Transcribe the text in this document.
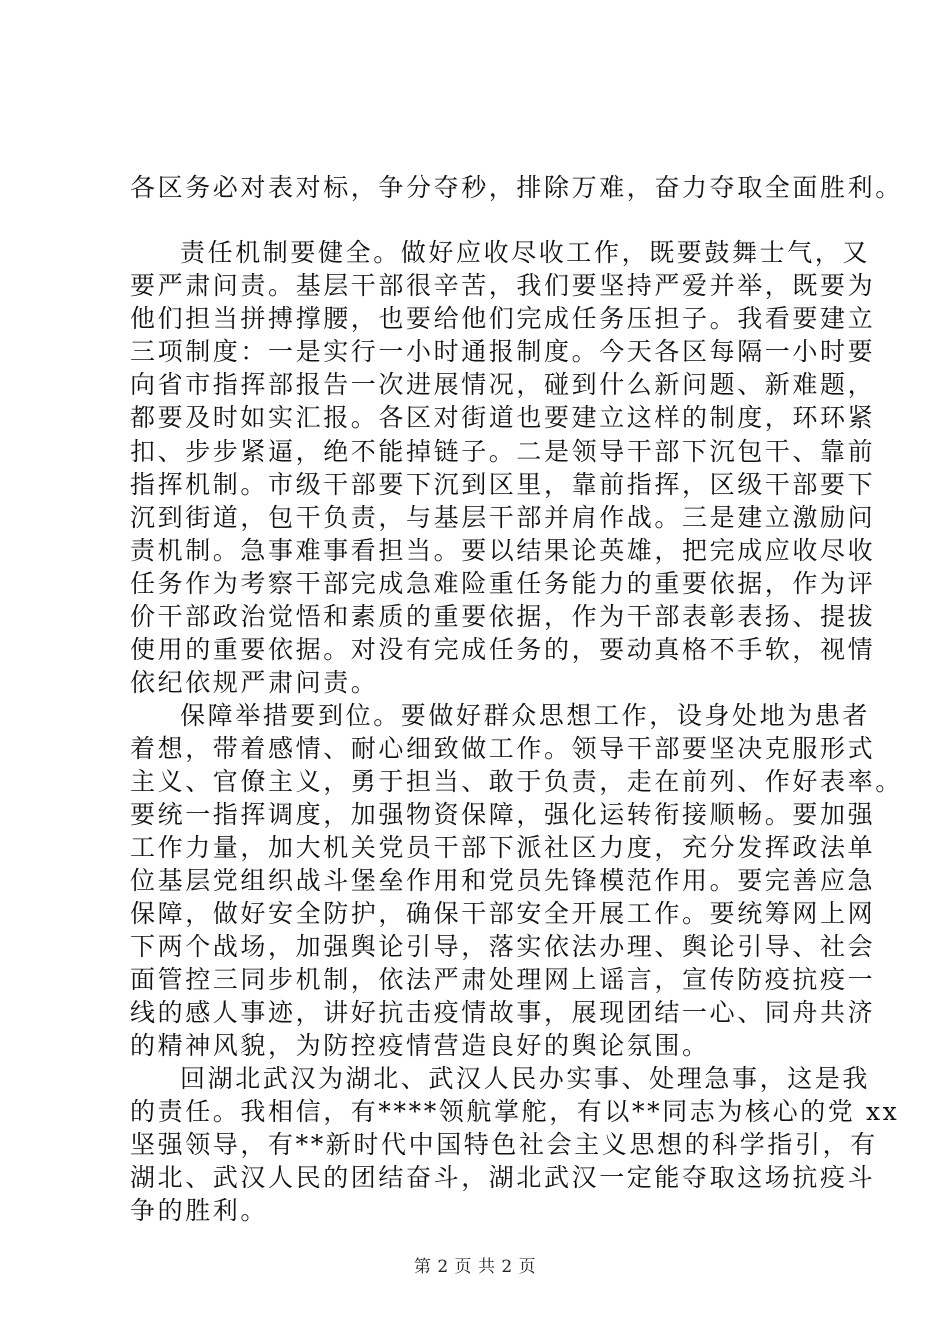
各区务必对表对标，争分夺秒，排除万难，奋力夺取全面胜利。
责任机制要健全。做好应收尽收工作，既要鼓舞士气，又
要严肃问责。基层干部很辛苦，我们要坚持严爱并举，既要为
他们担当拼搏撑腰，也要给他们完成任务压担子。我看要建立
三项制度：一是实行一小时通报制度。今天各区每隔一小时要
向省市指挥部报告一次进展情况，碰到什么新问题、新难题，
都要及时如实汇报。各区对街道也要建立这样的制度，环环紧
扣、步步紧逼，绝不能掉链子。二是领导干部下沉包干、靠前
指挥机制。市级干部要下沉到区里，靠前指挥，区级干部要下
沉到街道，包干负责，与基层干部并肩作战。三是建立激励问
责机制。急事难事看担当。要以结果论英雄，把完成应收尽收
任务作为考察干部完成急难险重任务能力的重要依据，作为评
价干部政治觉悟和素质的重要依据，作为干部表彰表扬、提拔
使用的重要依据。对没有完成任务的，要动真格不手软，视情
依纪依规严肃问责。
保障举措要到位。要做好群众思想工作，设身处地为患者
着想，带着感情、耐心细致做工作。领导干部要坚决克服形式
主义、官僚主义，勇于担当、敢于负责，走在前列、作好表率。
要统一指挥调度，加强物资保障，强化运转衔接顺畅。要加强
工作力量，加大机关党员干部下派社区力度，充分发挥政法单
位基层党组织战斗堡垒作用和党员先锋模范作用。要完善应急
保障，做好安全防护，确保干部安全开展工作。要统筹网上网
下两个战场，加强舆论引导，落实依法办理、舆论引导、社会
面管控三同步机制，依法严肃处理网上谣言，宣传防疫抗疫一
线的感人事迹，讲好抗击疫情故事，展现团结一心、同舟共济
的精神风貌，为防控疫情营造良好的舆论氛围。
回湖北武汉为湖北、武汉人民办实事、处理急事，这是我
的责任。我相信，有****领航掌舵，有以**同志为核心的党 xx
坚强领导，有**新时代中国特色社会主义思想的科学指引，有
湖北、武汉人民的团结奋斗，湖北武汉一定能夺取这场抗疫斗
争的胜利。
第 2 页 共 2 页
